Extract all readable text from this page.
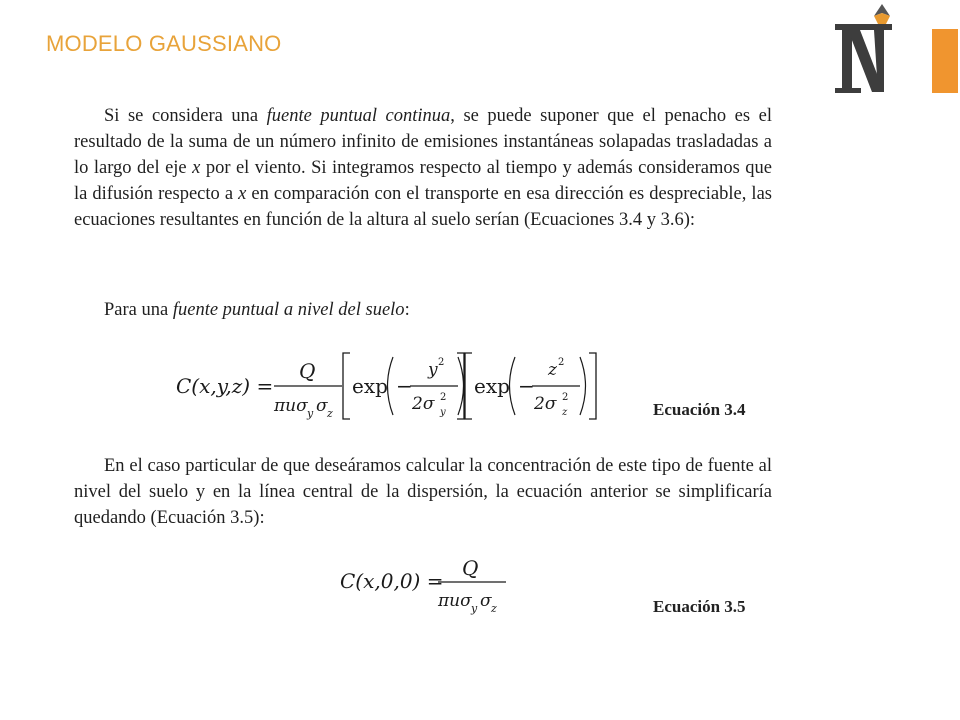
MODELO GAUSSIANO
Si se considera una fuente puntual continua, se puede suponer que el penacho es el resultado de la suma de un número infinito de emisiones instantáneas solapadas trasladadas a lo largo del eje x por el viento. Si integramos respecto al tiempo y además consideramos que la difusión respecto a x en comparación con el transporte en esa dirección es despreciable, las ecuaciones resultantes en función de la altura al suelo serían (Ecuaciones 3.4 y 3.6):
Para una fuente puntual a nivel del suelo:
C(x,y,z) =
Q
πuσ y σ z
exp −
y 2
2σ 2
y
exp −
z 2
2σ 2
z	Ecuación 3.4
En el caso particular de que deseáramos calcular la concentración de este tipo de fuente al nivel del suelo y en la línea central de la dispersión, la ecuación anterior se simplificaría quedando (Ecuación 3.5):
C(x,0,0) =
Q
πuσ y σ z	Ecuación 3.5
